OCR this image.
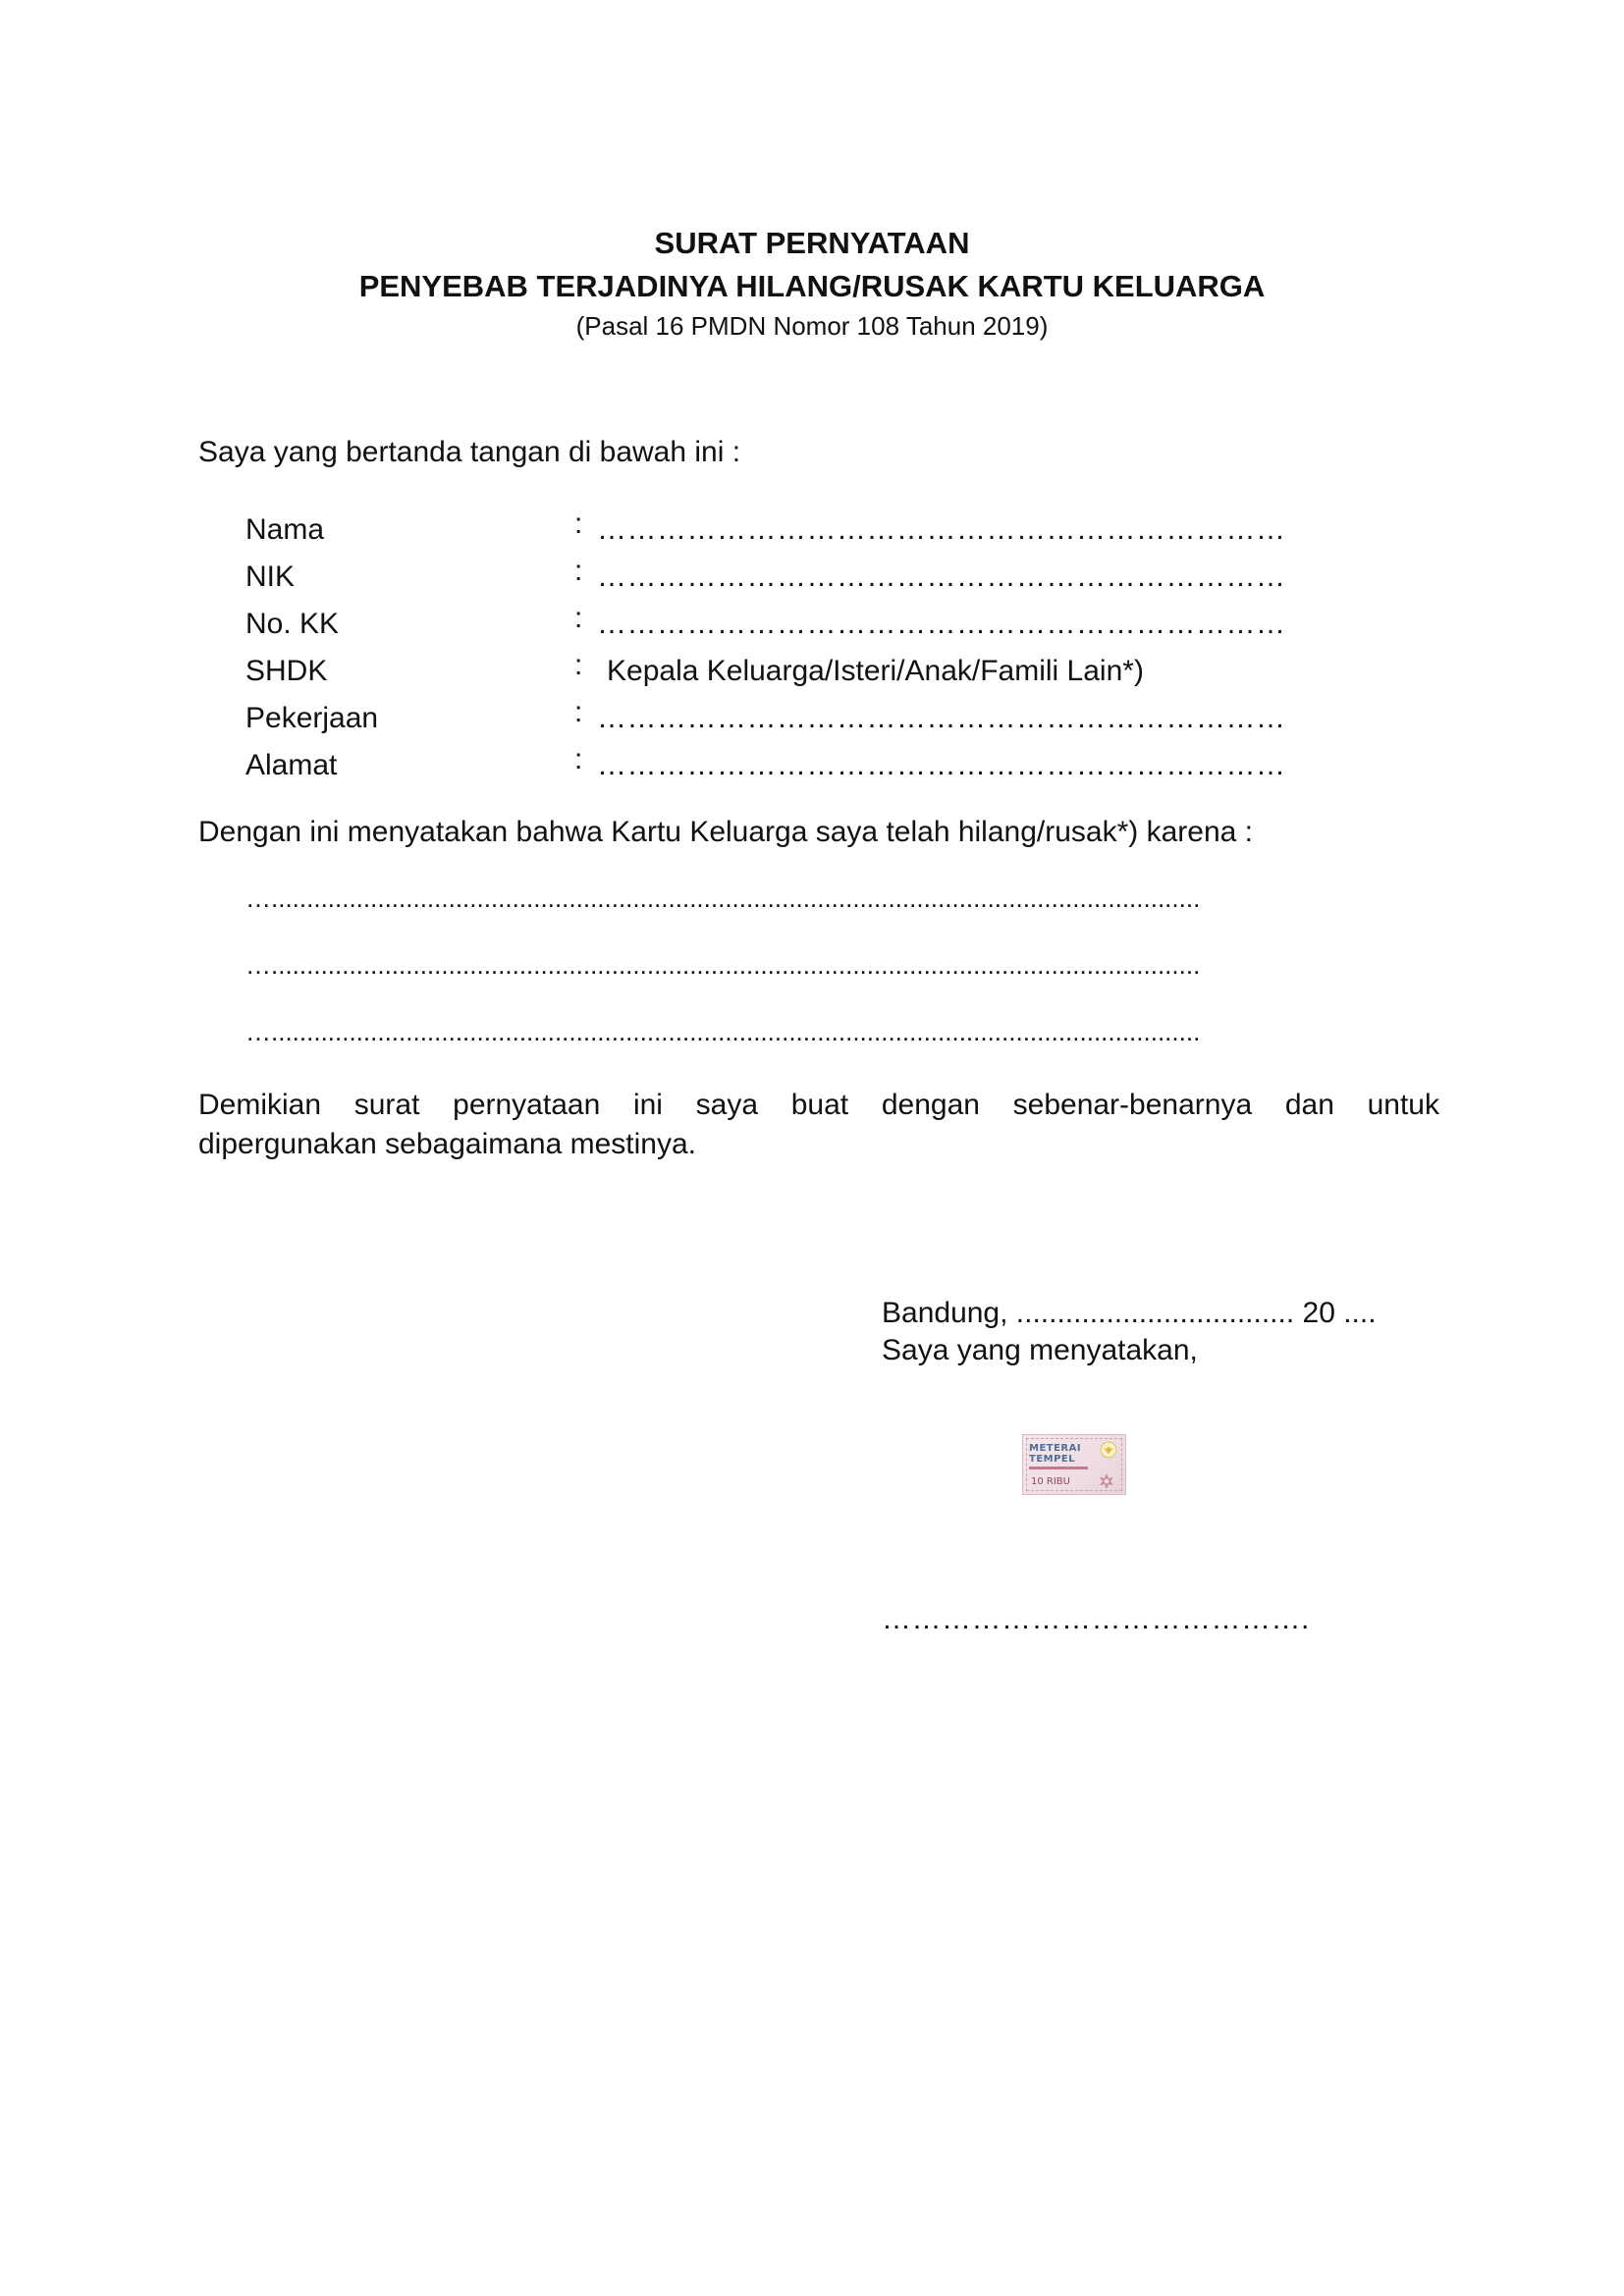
SURAT PERNYATAAN
PENYEBAB TERJADINYA HILANG/RUSAK KARTU KELUARGA
(Pasal 16 PMDN Nomor 108 Tahun 2019)
Saya yang bertanda tangan di bawah ini :
Nama	: ……………………………………………………………
NIK	: ……………………………………………………………
No. KK	: ……………………………………………………………
SHDK	: Kepala Keluarga/Isteri/Anak/Famili Lain*)
Pekerjaan	: ……………………………………………………………
Alamat	: ……………………………………………………………
Dengan ini menyatakan bahwa Kartu Keluarga saya telah hilang/rusak*) karena :
…...................................................................................................................................
…...................................................................................................................................
…...................................................................................................................................
Demikian surat pernyataan ini saya buat dengan sebenar-benarnya dan untuk
dipergunakan sebagaimana mestinya.
Bandung, .................................. 20 ....
Saya yang menyatakan,
METERAI
TEMPEL
10 RIBU
…………………………………….
